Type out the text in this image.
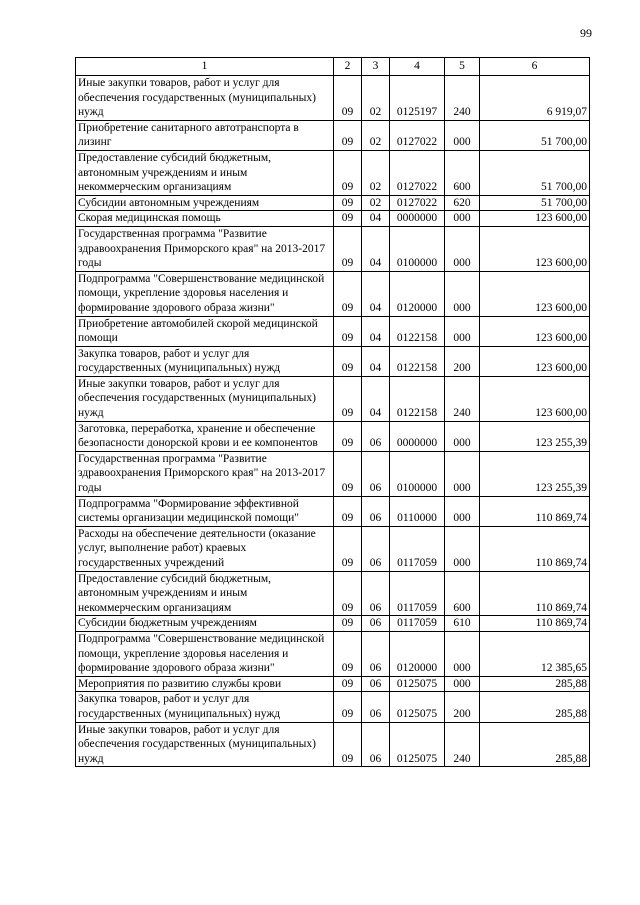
99
1	2	3	4	5	6
Иные закупки товаров, работ и услуг для обеспечения государственных (муниципальных) нужд	09	02	0125197	240	6 919,07
Приобретение санитарного автотранспорта в лизинг	09	02	0127022	000	51 700,00
Предоставление субсидий бюджетным, автономным учреждениям и иным некоммерческим организациям	09	02	0127022	600	51 700,00
Субсидии автономным учреждениям	09	02	0127022	620	51 700,00
Скорая медицинская помощь	09	04	0000000	000	123 600,00
Государственная программа "Развитие здравоохранения Приморского края" на 2013-2017 годы	09	04	0100000	000	123 600,00
Подпрограмма "Совершенствование медицинской помощи, укрепление здоровья населения и формирование здорового образа жизни"	09	04	0120000	000	123 600,00
Приобретение автомобилей скорой медицинской помощи	09	04	0122158	000	123 600,00
Закупка товаров, работ и услуг для государственных (муниципальных) нужд	09	04	0122158	200	123 600,00
Иные закупки товаров, работ и услуг для обеспечения государственных (муниципальных) нужд	09	04	0122158	240	123 600,00
Заготовка, переработка, хранение и обеспечение безопасности донорской крови и ее компонентов	09	06	0000000	000	123 255,39
Государственная программа "Развитие здравоохранения Приморского края" на 2013-2017 годы	09	06	0100000	000	123 255,39
Подпрограмма "Формирование эффективной системы организации медицинской помощи"	09	06	0110000	000	110 869,74
Расходы на обеспечение деятельности (оказание услуг, выполнение работ) краевых государственных учреждений	09	06	0117059	000	110 869,74
Предоставление субсидий бюджетным, автономным учреждениям и иным некоммерческим организациям	09	06	0117059	600	110 869,74
Субсидии бюджетным учреждениям	09	06	0117059	610	110 869,74
Подпрограмма "Совершенствование медицинской помощи, укрепление здоровья населения и формирование здорового образа жизни"	09	06	0120000	000	12 385,65
Мероприятия по развитию службы крови	09	06	0125075	000	285,88
Закупка товаров, работ и услуг для государственных (муниципальных) нужд	09	06	0125075	200	285,88
Иные закупки товаров, работ и услуг для обеспечения государственных (муниципальных) нужд	09	06	0125075	240	285,88
